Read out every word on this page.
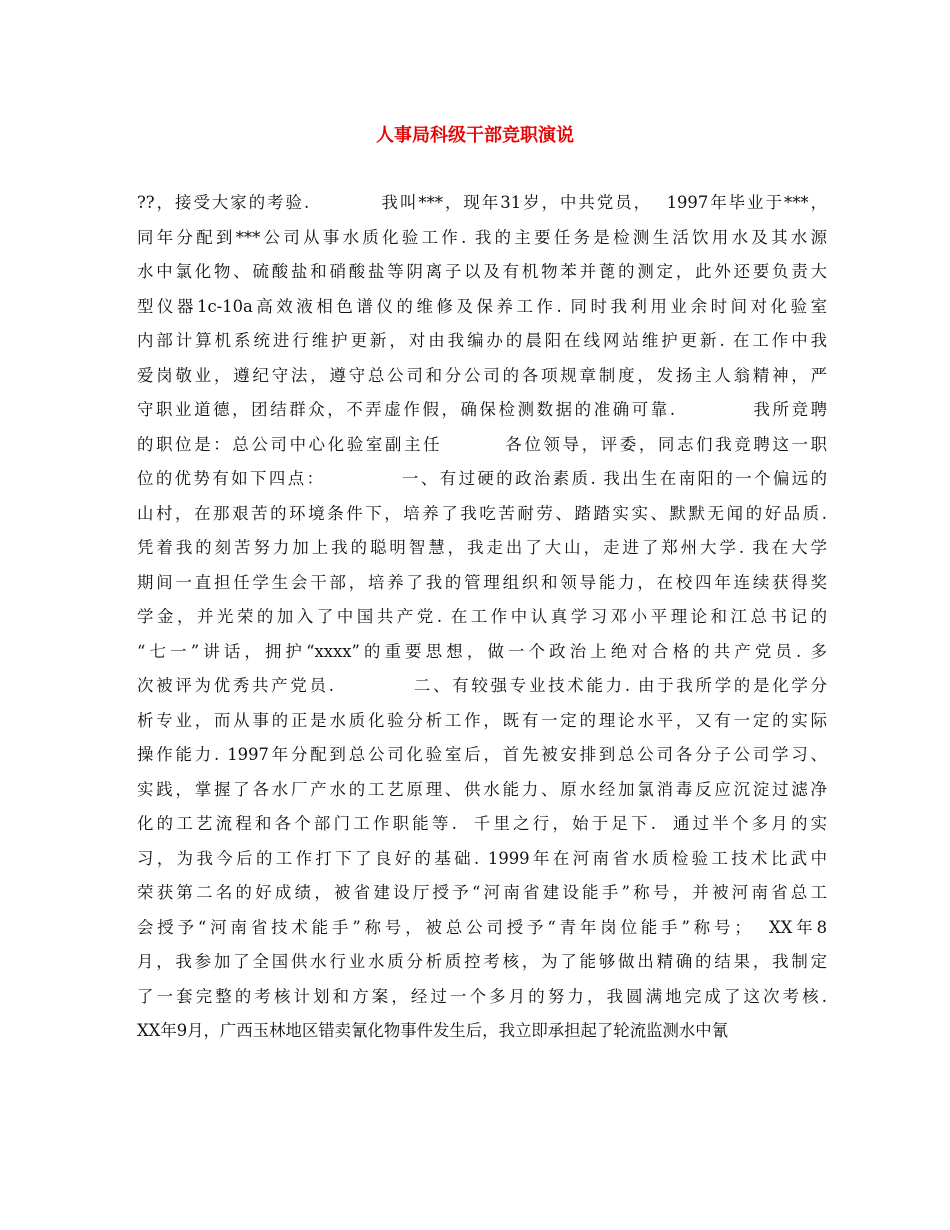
人事局科级干部竞职演说
??，接受大家的考验.          我叫***，现年31岁，中共党员，  1997年毕业于***，
同年分配到***公司从事水质化验工作. 我的主要任务是检测生活饮用水及其水源
水中氯化物、硫酸盐和硝酸盐等阴离子以及有机物苯并蓖的测定，此外还要负责大
型仪器1c-10a高效液相色谱仪的维修及保养工作. 同时我利用业余时间对化验室
内部计算机系统进行维护更新，对由我编办的晨阳在线网站维护更新. 在工作中我
爱岗敬业，遵纪守法，遵守总公司和分公司的各项规章制度，发扬主人翁精神，严
守职业道德，团结群众，不弄虚作假，确保检测数据的准确可靠.          我所竞聘
的职位是：总公司中心化验室副主任        各位领导，评委，同志们我竞聘这一职
位的优势有如下四点：          一、有过硬的政治素质. 我出生在南阳的一个偏远的
山村，在那艰苦的环境条件下，培养了我吃苦耐劳、踏踏实实、默默无闻的好品质.
凭着我的刻苦努力加上我的聪明智慧，我走出了大山，走进了郑州大学. 我在大学
期间一直担任学生会干部，培养了我的管理组织和领导能力，在校四年连续获得奖
学金，并光荣的加入了中国共产党. 在工作中认真学习邓小平理论和江总书记的
“七一”讲话，拥护“xxxx”的重要思想，做一个政治上绝对合格的共产党员. 多
次被评为优秀共产党员.          二、有较强专业技术能力. 由于我所学的是化学分
析专业，而从事的正是水质化验分析工作，既有一定的理论水平，又有一定的实际
操作能力. 1997年分配到总公司化验室后，首先被安排到总公司各分子公司学习、
实践，掌握了各水厂产水的工艺原理、供水能力、原水经加氯消毒反应沉淀过滤净
化的工艺流程和各个部门工作职能等.  千里之行，始于足下.  通过半个多月的实
习，为我今后的工作打下了良好的基础. 1999年在河南省水质检验工技术比武中
荣获第二名的好成绩，被省建设厅授予“河南省建设能手”称号，并被河南省总工
会授予“河南省技术能手”称号，被总公司授予“青年岗位能手”称号；  XX年8
月，我参加了全国供水行业水质分析质控考核，为了能够做出精确的结果，我制定
了一套完整的考核计划和方案，经过一个多月的努力，我圆满地完成了这次考核.
XX年9月，广西玉林地区错卖氰化物事件发生后，我立即承担起了轮流监测水中氰
